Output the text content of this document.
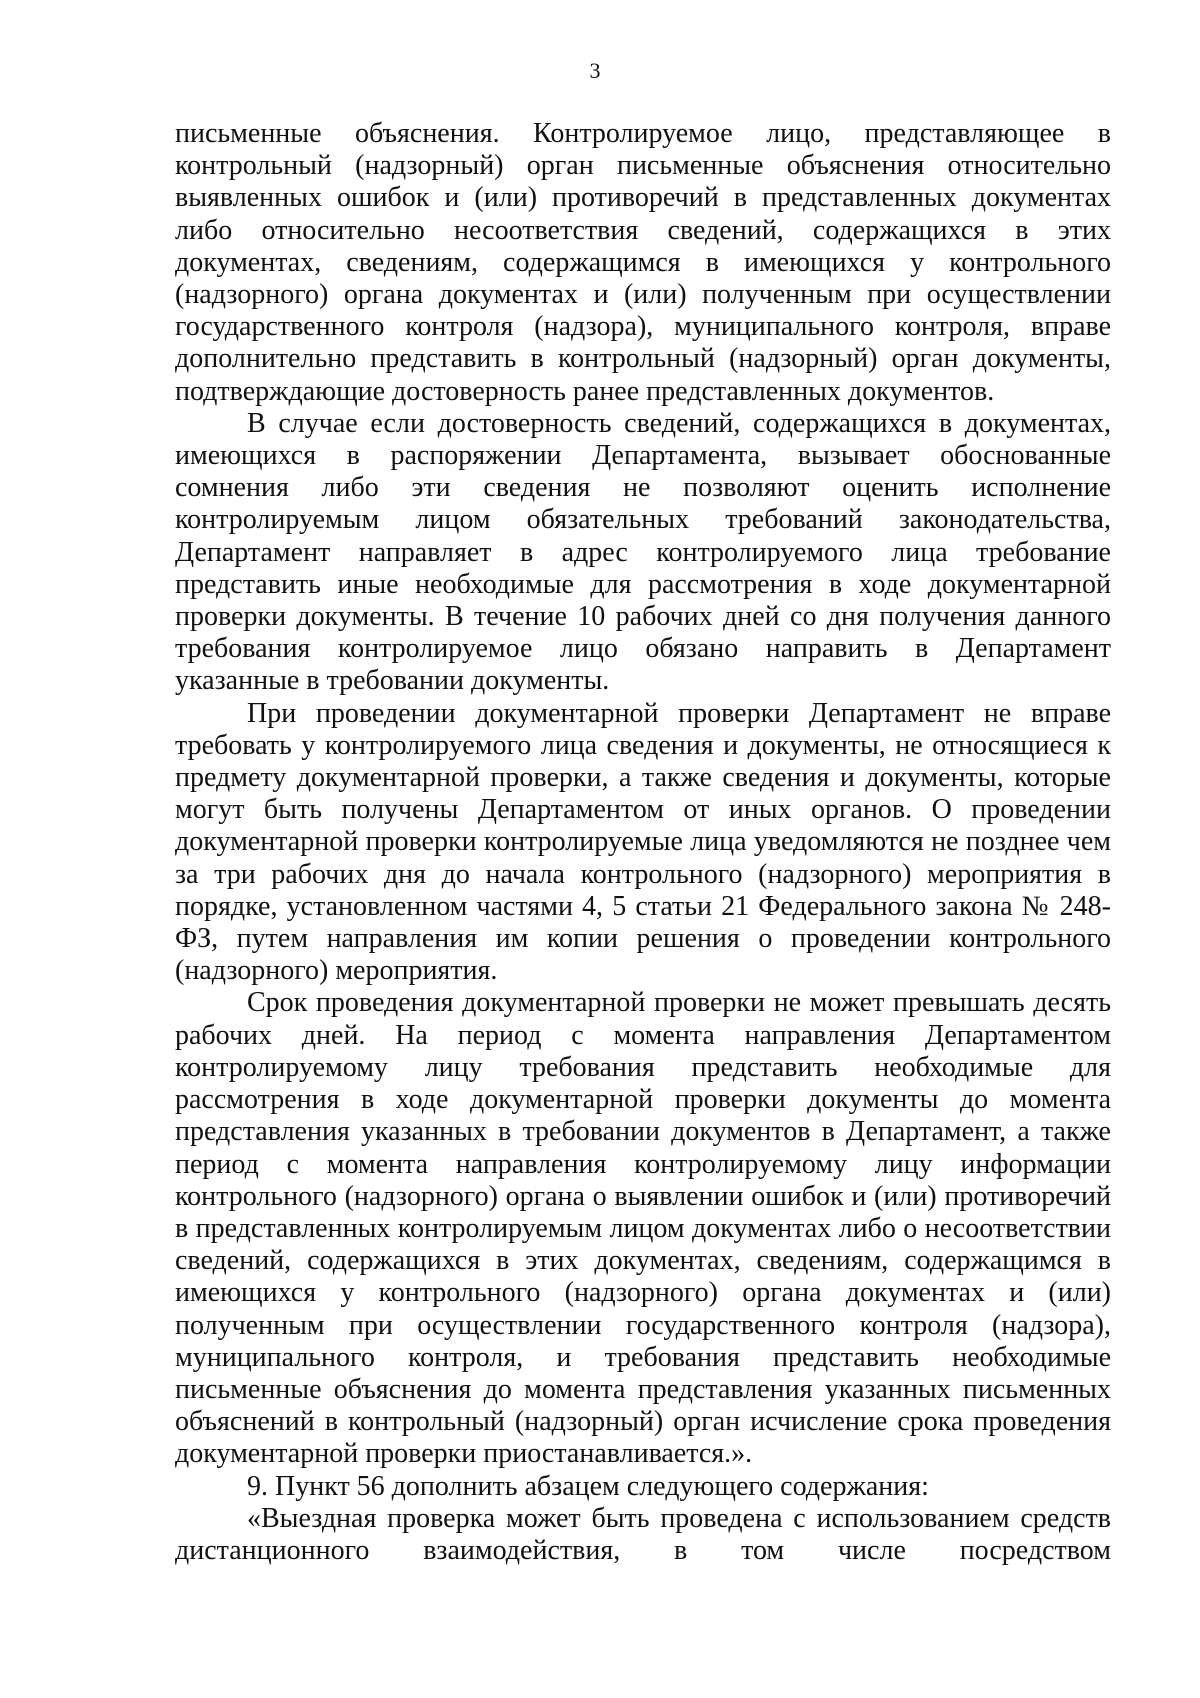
3

письменные объяснения. Контролируемое лицо, представляющее в контрольный (надзорный) орган письменные объяснения относительно выявленных ошибок и (или) противоречий в представленных документах либо относительно несоответствия сведений, содержащихся в этих документах, сведениям, содержащимся в имеющихся у контрольного (надзорного) органа документах и (или) полученным при осуществлении государственного контроля (надзора), муниципального контроля, вправе дополнительно представить в контрольный (надзорный) орган документы, подтверждающие достоверность ранее представленных документов.

В случае если достоверность сведений, содержащихся в документах, имеющихся в распоряжении Департамента, вызывает обоснованные сомнения либо эти сведения не позволяют оценить исполнение контролируемым лицом обязательных требований законодательства, Департамент направляет в адрес контролируемого лица требование представить иные необходимые для рассмотрения в ходе документарной проверки документы. В течение 10 рабочих дней со дня получения данного требования контролируемое лицо обязано направить в Департамент указанные в требовании документы.

При проведении документарной проверки Департамент не вправе требовать у контролируемого лица сведения и документы, не относящиеся к предмету документарной проверки, а также сведения и документы, которые могут быть получены Департаментом от иных органов. О проведении документарной проверки контролируемые лица уведомляются не позднее чем за три рабочих дня до начала контрольного (надзорного) мероприятия в порядке, установленном частями 4, 5 статьи 21 Федерального закона № 248-ФЗ, путем направления им копии решения о проведении контрольного (надзорного) мероприятия.

Срок проведения документарной проверки не может превышать десять рабочих дней. На период с момента направления Департаментом контролируемому лицу требования представить необходимые для рассмотрения в ходе документарной проверки документы до момента представления указанных в требовании документов в Департамент, а также период с момента направления контролируемому лицу информации контрольного (надзорного) органа о выявлении ошибок и (или) противоречий в представленных контролируемым лицом документах либо о несоответствии сведений, содержащихся в этих документах, сведениям, содержащимся в имеющихся у контрольного (надзорного) органа документах и (или) полученным при осуществлении государственного контроля (надзора), муниципального контроля, и требования представить необходимые письменные объяснения до момента представления указанных письменных объяснений в контрольный (надзорный) орган исчисление срока проведения документарной проверки приостанавливается.».

9. Пункт 56 дополнить абзацем следующего содержания:

«Выездная проверка может быть проведена с использованием средств дистанционного взаимодействия, в том числе посредством
